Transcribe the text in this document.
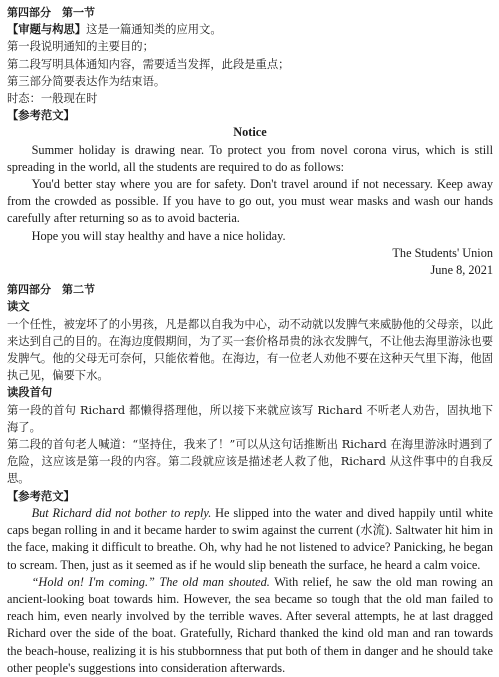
第四部分　第一节
【审题与构思】这是一篇通知类的应用文。
第一段说明通知的主要目的；
第二段写明具体通知内容，需要适当发挥，此段是重点；
第三部分简要表达作为结束语。
时态：一般现在时
【参考范文】
Notice
Summer holiday is drawing near. To protect you from novel corona virus, which is still spreading in the world, all the students are required to do as follows:
You'd better stay where you are for safety. Don't travel around if not necessary. Keep away from the crowded as possible. If you have to go out, you must wear masks and wash our hands carefully after returning so as to avoid bacteria.
Hope you will stay healthy and have a nice holiday.
The Students' Union
June 8, 2021
第四部分　第二节
读文
一个任性，被宠坏了的小男孩，凡是都以自我为中心，动不动就以发脾气来威胁他的父母亲，以此来达到自己的目的。在海边度假期间，为了买一套价格昂贵的泳衣发脾气，不让他去海里游泳也要发脾气。他的父母无可奈何，只能依着他。在海边，有一位老人劝他不要在这种天气里下海，他固执己见，偏要下水。
读段首句
第一段的首句 Richard 都懒得搭理他，所以接下来就应该写 Richard 不听老人劝告，固执地下海了。
第二段的首句老人喊道：“坚持住，我来了！”可以从这句话推断出 Richard 在海里游泳时遇到了危险，这应该是第一段的内容。第二段就应该是描述老人救了他，Richard 从这件事中的自我反思。
【参考范文】
But Richard did not bother to reply. He slipped into the water and dived happily until white caps began rolling in and it became harder to swim against the current (水流). Saltwater hit him in the face, making it difficult to breathe. Oh, why had he not listened to advice? Panicking, he began to scream. Then, just as it seemed as if he would slip beneath the surface, he heard a calm voice.
“Hold on! I'm coming.” The old man shouted. With relief, he saw the old man rowing an ancient-looking boat towards him. However, the sea became so tough that the old man failed to reach him, even nearly involved by the terrible waves. After several attempts, he at last dragged Richard over the side of the boat. Gratefully, Richard thanked the kind old man and ran towards the beach-house, realizing it is his stubbornness that put both of them in danger and he should take other people's suggestions into consideration afterwards.
